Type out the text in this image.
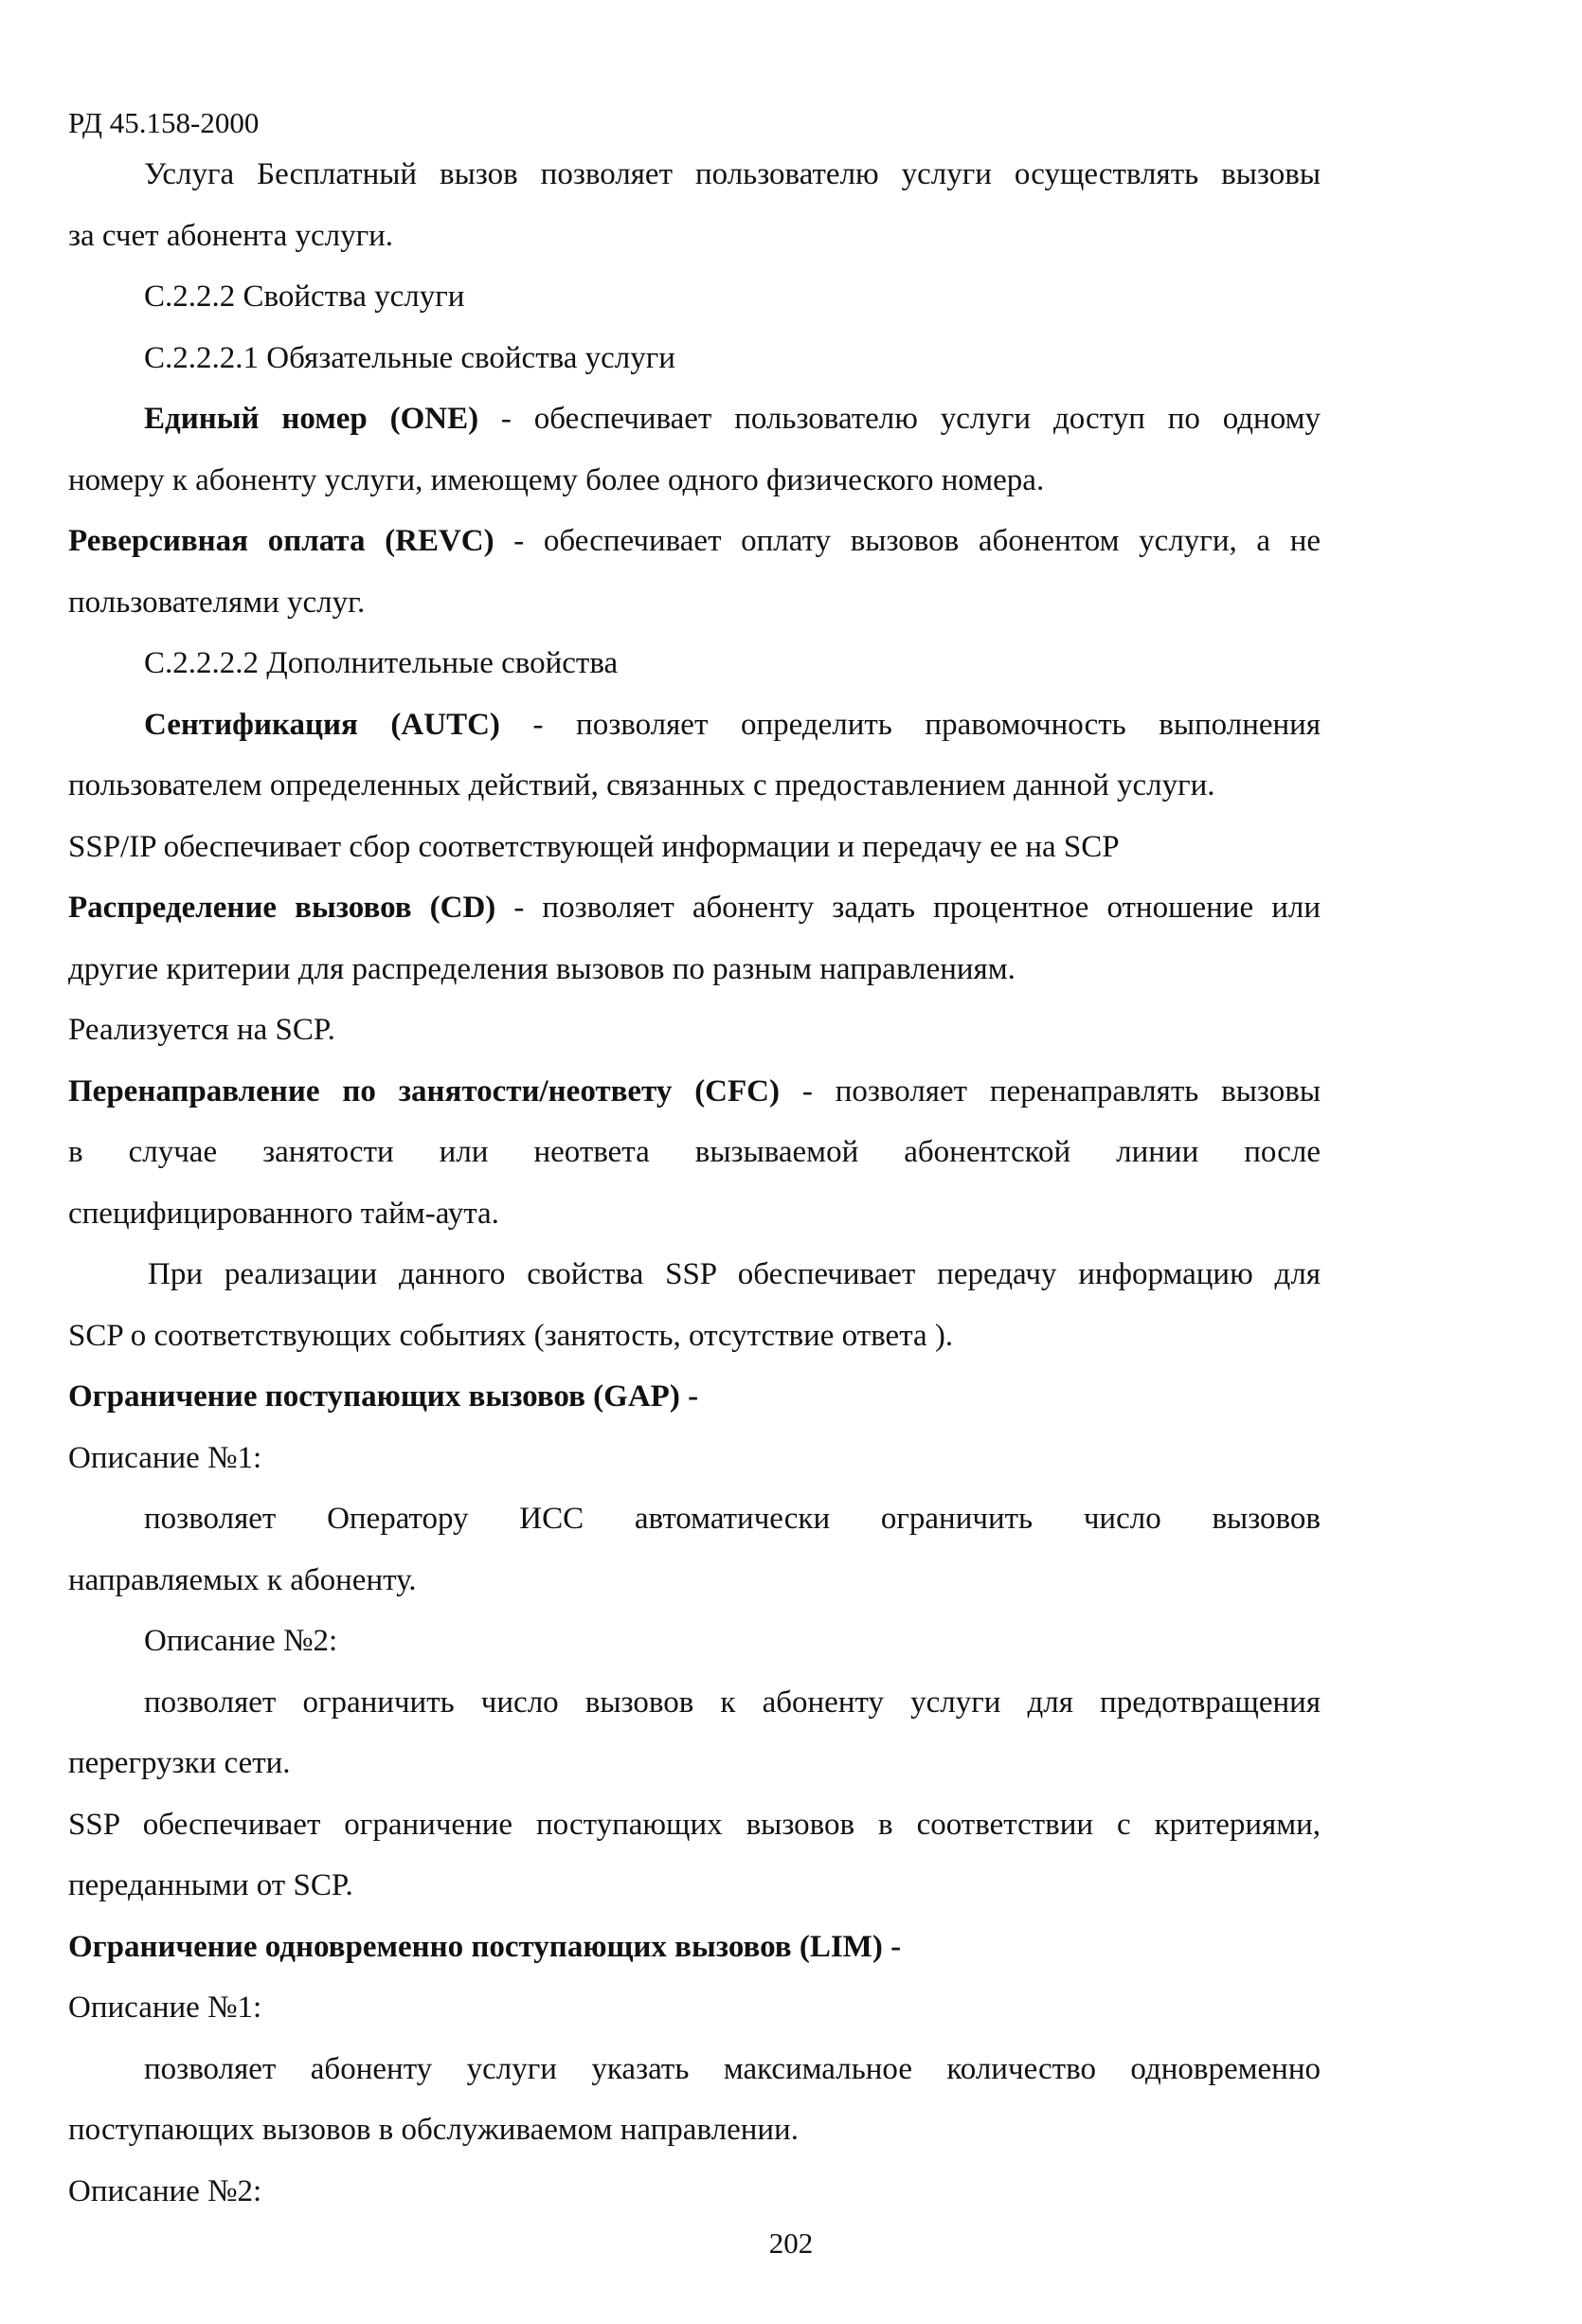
РД 45.158-2000
Услуга Бесплатный вызов позволяет пользователю услуги осуществлять вызовы
за счет абонента услуги.
С.2.2.2 Свойства услуги
С.2.2.2.1 Обязательные свойства услуги
Единый номер (ONE) - обеспечивает пользователю услуги доступ по одному
номеру к абоненту услуги, имеющему более одного физического номера.
Реверсивная оплата (REVC) - обеспечивает оплату вызовов абонентом услуги, а не
пользователями услуг.
С.2.2.2.2 Дополнительные свойства
Сентификация (AUTC) - позволяет определить правомочность выполнения
пользователем определенных действий, связанных с предоставлением данной услуги.
SSP/IP обеспечивает сбор соответствующей информации и передачу ее на SCP
Распределение вызовов (CD) - позволяет абоненту задать процентное отношение или
другие критерии для распределения вызовов по разным направлениям.
Реализуется на SCP.
Перенаправление по занятости/неответу (CFC) - позволяет перенаправлять вызовы
в случае занятости или неответа вызываемой абонентской линии после
специфицированного тайм-аута.
При реализации данного свойства SSP обеспечивает передачу информацию для
SCP о соответствующих событиях (занятость, отсутствие ответа ).
Ограничение поступающих вызовов (GAP) -
Описание №1:
позволяет Оператору ИСС автоматически ограничить число вызовов
направляемых к абоненту.
Описание №2:
позволяет ограничить число вызовов к абоненту услуги для предотвращения
перегрузки сети.
SSP обеспечивает ограничение поступающих вызовов в соответствии с критериями,
переданными от SCP.
Ограничение одновременно поступающих вызовов (LIM) -
Описание №1:
позволяет абоненту услуги указать максимальное количество одновременно
поступающих вызовов в обслуживаемом направлении.
Описание №2:
202
